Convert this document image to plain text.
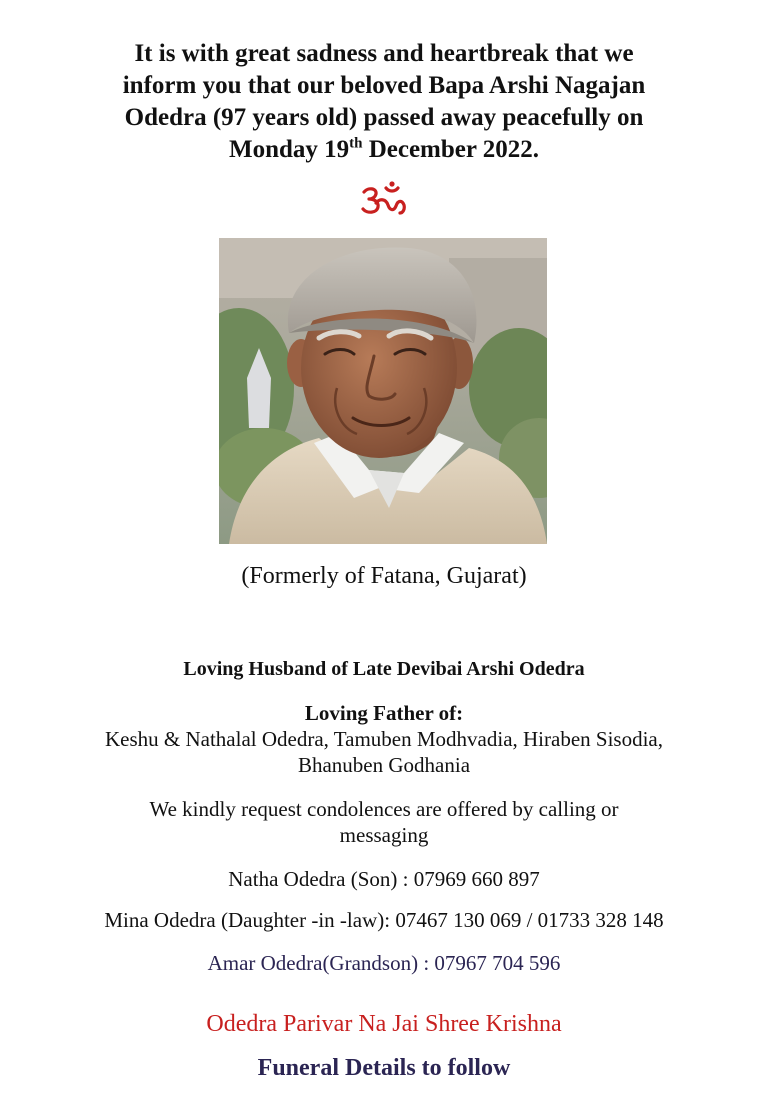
It is with great sadness and heartbreak that we
inform you that our beloved Bapa Arshi Nagajan
Odedra (97 years old) passed away peacefully on
Monday 19th December 2022.
(Formerly of Fatana, Gujarat)
Loving Husband of Late Devibai Arshi Odedra
Loving Father of:
Keshu & Nathalal Odedra, Tamuben Modhvadia, Hiraben Sisodia,
Bhanuben Godhania
We kindly request condolences are offered by calling or
messaging
Natha Odedra (Son) : 07969 660 897
Mina Odedra (Daughter -in -law): 07467 130 069 / 01733 328 148
Amar Odedra(Grandson) : 07967 704 596
Odedra Parivar Na Jai Shree Krishna
Funeral Details to follow
